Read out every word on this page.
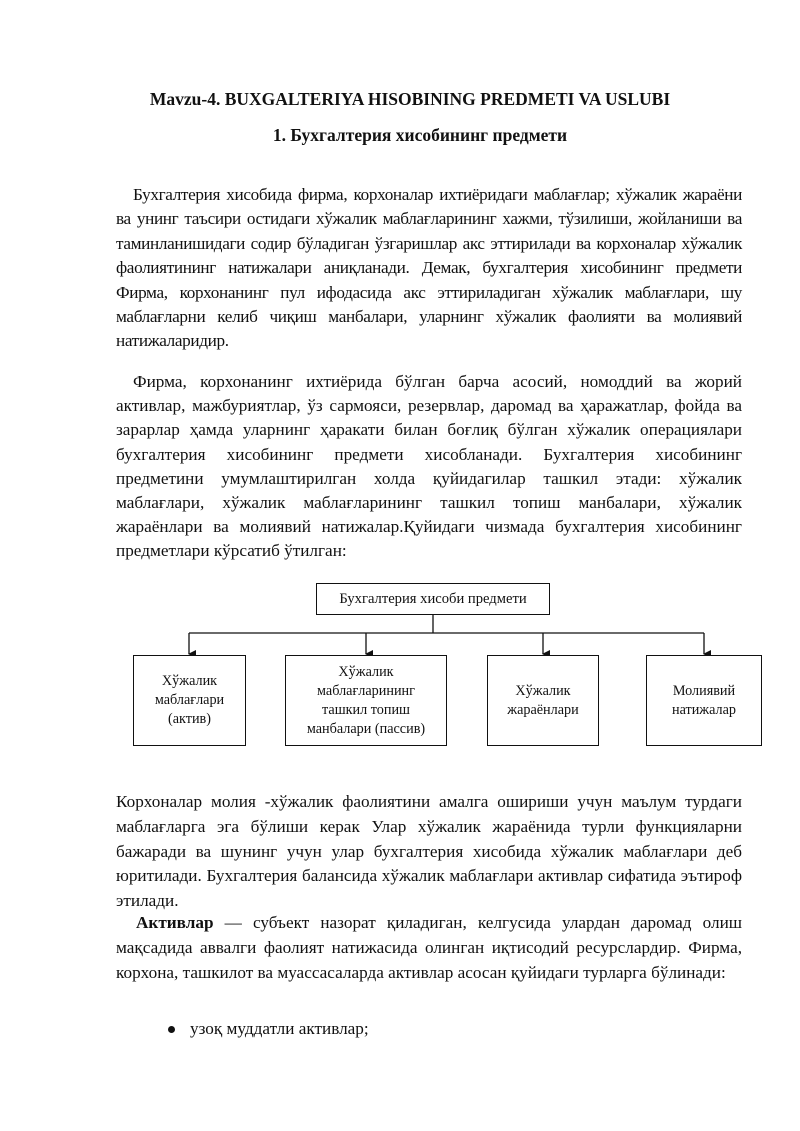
Mavzu-4. BUXGALTERIYA HISOBINING PREDMETI VA USLUBI
1. Бухгалтерия хисобининг предмети

Бухгалтерия хисобида фирма, корхоналар ихтиёридаги маблағлар; хўжалик жараёни ва унинг таъсири остидаги хўжалик маблағларининг хажми, тўзилиши, жойланиши ва таминланишидаги содир бўладиган ўзгаришлар акс эттирилади ва корхоналар хўжалик фаолиятининг натижалари аниқланади. Демак, бухгалтерия хисобининг предмети Фирма, корхонанинг пул ифодасида акс эттириладиган хўжалик маблағлари, шу маблағларни келиб чиқиш манбалари, уларнинг хўжалик фаолияти ва молиявий натижаларидир.

Фирма, корхонанинг ихтиёрида бўлган барча асосий, номоддий ва жорий активлар, мажбуриятлар, ўз сармояси, резервлар, даромад ва ҳаражатлар, фойда ва зарарлар ҳамда уларнинг ҳаракати билан боғлиқ бўлган хўжалик операциялари бухгалтерия хисобининг предмети хисобланади. Бухгалтерия хисобининг предметини умумлаштирилган холда қуйидагилар ташкил этади: хўжалик маблағлари, хўжалик маблағларининг ташкил топиш манбалари, хўжалик жараёнлари ва молиявий натижалар.Қуйидаги чизмада бухгалтерия хисобининг предметлари кўрсатиб ўтилган:

Бухгалтерия хисоби предмети
Хўжалик
маблағлари
(актив)
Хўжалик
маблағларининг
ташкил топиш
манбалари (пассив)
Хўжалик
жараёнлари
Молиявий
натижалар

Корхоналар молия -хўжалик фаолиятини амалга ошириши учун маълум турдаги маблағларга эга бўлиши керак Улар хўжалик жараёнида турли функцияларни бажаради ва шунинг учун улар бухгалтерия хисобида хўжалик маблағлари деб юритилади. Бухгалтерия балансида хўжалик маблағлари активлар сифатида эътироф этилади.

Активлар — субъект назорат қиладиган, келгусида улардан даромад олиш мақсадида аввалги фаолият натижасида олинган иқтисодий ресурслардир. Фирма, корхона, ташкилот ва муассасаларда активлар асосан қуйидаги турларга бўлинади:

узоқ муддатли активлар;
